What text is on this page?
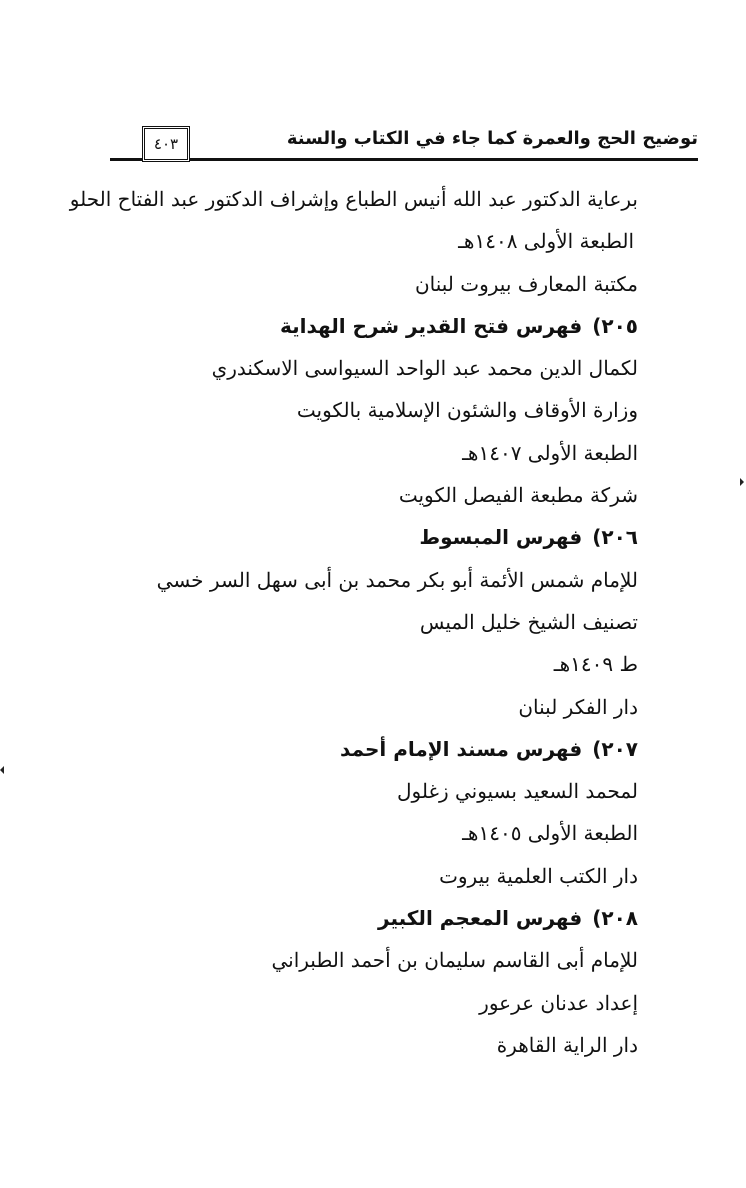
توضيح الحج والعمرة كما جاء في الكتاب والسنة
٤٠٣
برعاية الدكتور عبد الله أنيس الطباع وإشراف الدكتور عبد الفتاح الحلو
الطبعة الأولى ١٤٠٨هـ
مكتبة المعارف بيروت لبنان
٢٠٥)فهرس فتح القدير شرح الهداية
لكمال الدين محمد عبد الواحد السيواسى الاسكندري
وزارة الأوقاف والشئون الإسلامية بالكويت
الطبعة الأولى ١٤٠٧هـ
شركة مطبعة الفيصل الكويت
٢٠٦)فهرس المبسوط
للإمام شمس الأئمة أبو بكر محمد بن أبى سهل السر خسي
تصنيف الشيخ خليل الميس
ط ١٤٠٩هـ
دار الفكر لبنان
٢٠٧)فهرس مسند الإمام أحمد
لمحمد السعيد بسيوني زغلول
الطبعة الأولى ١٤٠٥هـ
دار الكتب العلمية بيروت
٢٠٨)فهرس المعجم الكبير
للإمام أبى القاسم سليمان بن أحمد الطبراني
إعداد عدنان عرعور
دار الراية القاهرة
